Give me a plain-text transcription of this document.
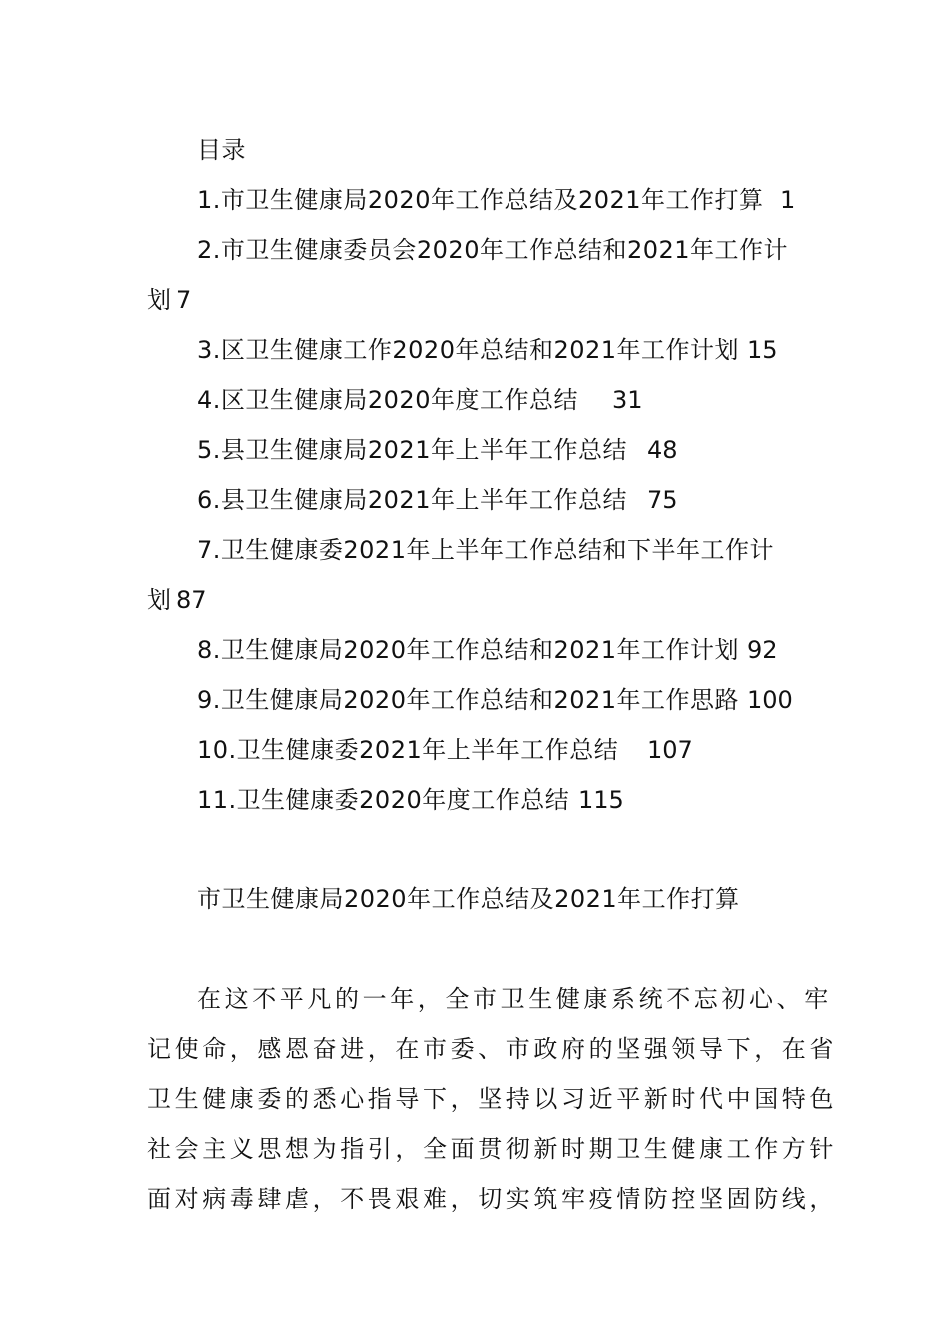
目录
1.市卫生健康局2020年工作总结及2021年工作打算 1
2.市卫生健康委员会2020年工作总结和2021年工作计
划 7
3.区卫生健康工作2020年总结和2021年工作计划 15
4.区卫生健康局2020年度工作总结 31
5.县卫生健康局2021年上半年工作总结 48
6.县卫生健康局2021年上半年工作总结 75
7.卫生健康委2021年上半年工作总结和下半年工作计
划 87
8.卫生健康局2020年工作总结和2021年工作计划 92
9.卫生健康局2020年工作总结和2021年工作思路 100
10.卫生健康委2021年上半年工作总结 107
11.卫生健康委2020年度工作总结 115
市卫生健康局2020年工作总结及2021年工作打算
在这不平凡的一年，全市卫生健康系统不忘初心、牢
记使命，感恩奋进，在市委、市政府的坚强领导下，在省
卫生健康委的悉心指导下，坚持以习近平新时代中国特色
社会主义思想为指引，全面贯彻新时期卫生健康工作方针
面对病毒肆虐，不畏艰难，切实筑牢疫情防控坚固防线，
